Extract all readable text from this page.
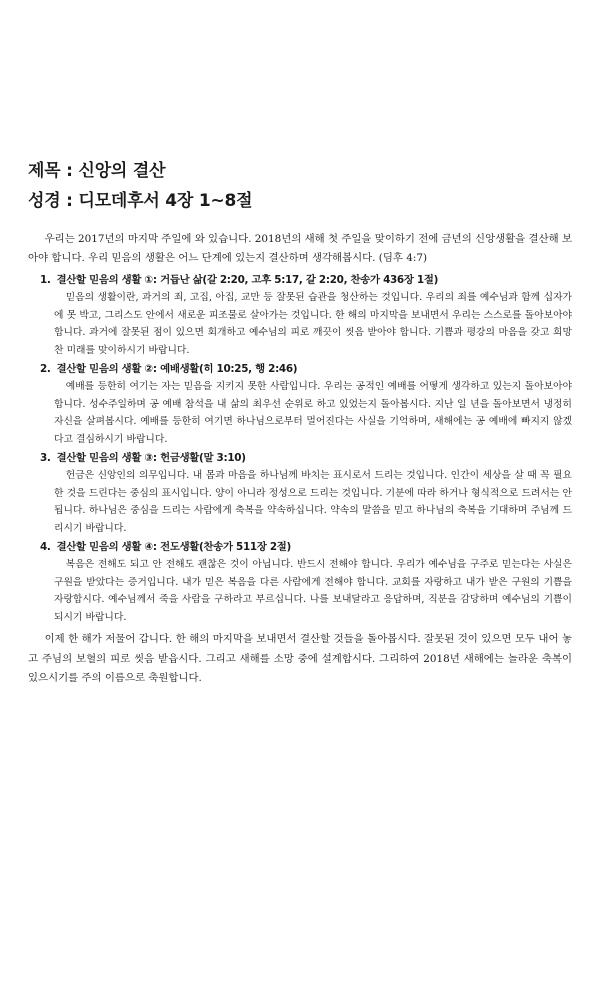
제목 : 신앙의 결산
성경 : 디모데후서 4장 1~8절

우리는 2017년의 마지막 주일에 와 있습니다. 2018년의 새해 첫 주일을 맞이하기 전에 금년의 신앙생활을 결산해 보아야 합니다. 우리 믿음의 생활은 어느 단계에 있는지 결산하며 생각해봅시다. (딤후 4:7)

1. 결산할 믿음의 생활 ①: 거듭난 삶(갈 2:20, 고후 5:17, 갈 2:20, 찬송가 436장 1절)

믿음의 생활이란, 과거의 죄, 고집, 아집, 교만 등 잘못된 습관을 청산하는 것입니다. 우리의 죄를 예수님과 함께 십자가에 못 박고, 그리스도 안에서 새로운 피조물로 살아가는 것입니다. 한 해의 마지막을 보내면서 우리는 스스로를 돌아보아야 합니다. 과거에 잘못된 점이 있으면 회개하고 예수님의 피로 깨끗이 씻음 받아야 합니다. 기쁨과 평강의 마음을 갖고 희망찬 미래를 맞이하시기 바랍니다.

2. 결산할 믿음의 생활 ②: 예배생활(히 10:25, 행 2:46)

예배를 등한히 여기는 자는 믿음을 지키지 못한 사람입니다. 우리는 공적인 예배를 어떻게 생각하고 있는지 돌아보아야 합니다. 성수주일하며 공 예배 참석을 내 삶의 최우선 순위로 하고 있었는지 돌아봅시다. 지난 일 년을 돌아보면서 냉정히 자신을 살펴봅시다. 예배를 등한히 여기면 하나님으로부터 멀어진다는 사실을 기억하며, 새해에는 공 예배에 빠지지 않겠다고 결심하시기 바랍니다.

3. 결산할 믿음의 생활 ③: 헌금생활(말 3:10)

헌금은 신앙인의 의무입니다. 내 몸과 마음을 하나님께 바치는 표시로서 드리는 것입니다. 인간이 세상을 살 때 꼭 필요한 것을 드린다는 중심의 표시입니다. 양이 아니라 정성으로 드리는 것입니다. 기분에 따라 하거나 형식적으로 드려서는 안 됩니다. 하나님은 중심을 드리는 사람에게 축복을 약속하십니다. 약속의 말씀을 믿고 하나님의 축복을 기대하며 주님께 드리시기 바랍니다.

4. 결산할 믿음의 생활 ④: 전도생활(찬송가 511장 2절)

복음은 전해도 되고 안 전해도 괜찮은 것이 아닙니다. 반드시 전해야 합니다. 우리가 예수님을 구주로 믿는다는 사실은 구원을 받았다는 증거입니다. 내가 믿은 복음을 다른 사람에게 전해야 합니다. 교회를 자랑하고 내가 받은 구원의 기쁨을 자랑합시다. 예수님께서 죽을 사람을 구하라고 부르십니다. 나를 보내달라고 응답하며, 직분을 감당하며 예수님의 기쁨이 되시기 바랍니다.

이제 한 해가 저물어 갑니다. 한 해의 마지막을 보내면서 결산할 것들을 돌아봅시다. 잘못된 것이 있으면 모두 내어 놓고 주님의 보혈의 피로 씻음 받읍시다. 그리고 새해를 소망 중에 설계합시다. 그리하여 2018년 새해에는 놀라운 축복이 있으시기를 주의 이름으로 축원합니다.
